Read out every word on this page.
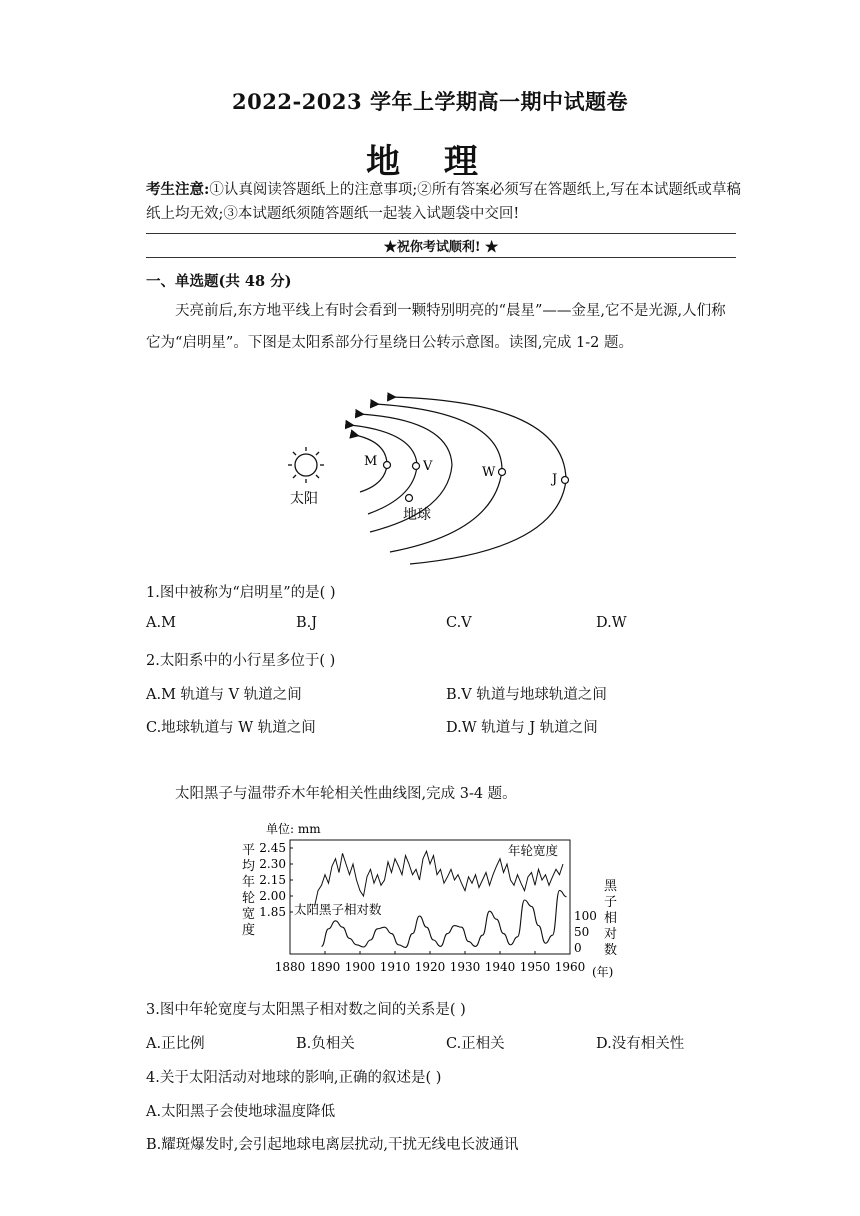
2022-2023 学年上学期高一期中试题卷
地 理
考生注意:①认真阅读答题纸上的注意事项;②所有答案必须写在答题纸上,写在本试题纸或草稿纸上均无效;③本试题纸须随答题纸一起装入试题袋中交回!
★祝你考试顺利! ★
一、单选题(共 48 分)
天亮前后,东方地平线上有时会看到一颗特别明亮的“晨星”——金星,它不是光源,人们称它为“启明星”。下图是太阳系部分行星绕日公转示意图。读图,完成 1-2 题。
太阳
M	V
地球
W	J
1.图中被称为“启明星”的是( )
A.M	B.J	C.V	D.W
2.太阳系中的小行星多位于( )
A.M 轨道与 V 轨道之间	B.V 轨道与地球轨道之间
C.地球轨道与 W 轨道之间	D.W 轨道与 J 轨道之间
太阳黑子与温带乔木年轮相关性曲线图,完成 3-4 题。
单位: mm
平
均
年
轮
宽
度
黑
子
相
对
数
2.45
2.30
2.15
2.00
1.85	100
50
0
1880 1890 1900 1910 1920 1930 1940 1950 1960
年轮宽度
太阳黑子相对数
(年)
3.图中年轮宽度与太阳黑子相对数之间的关系是( )
A.正比例	B.负相关	C.正相关	D.没有相关性
4.关于太阳活动对地球的影响,正确的叙述是( )
A.太阳黑子会使地球温度降低
B.耀斑爆发时,会引起地球电离层扰动,干扰无线电长波通讯
